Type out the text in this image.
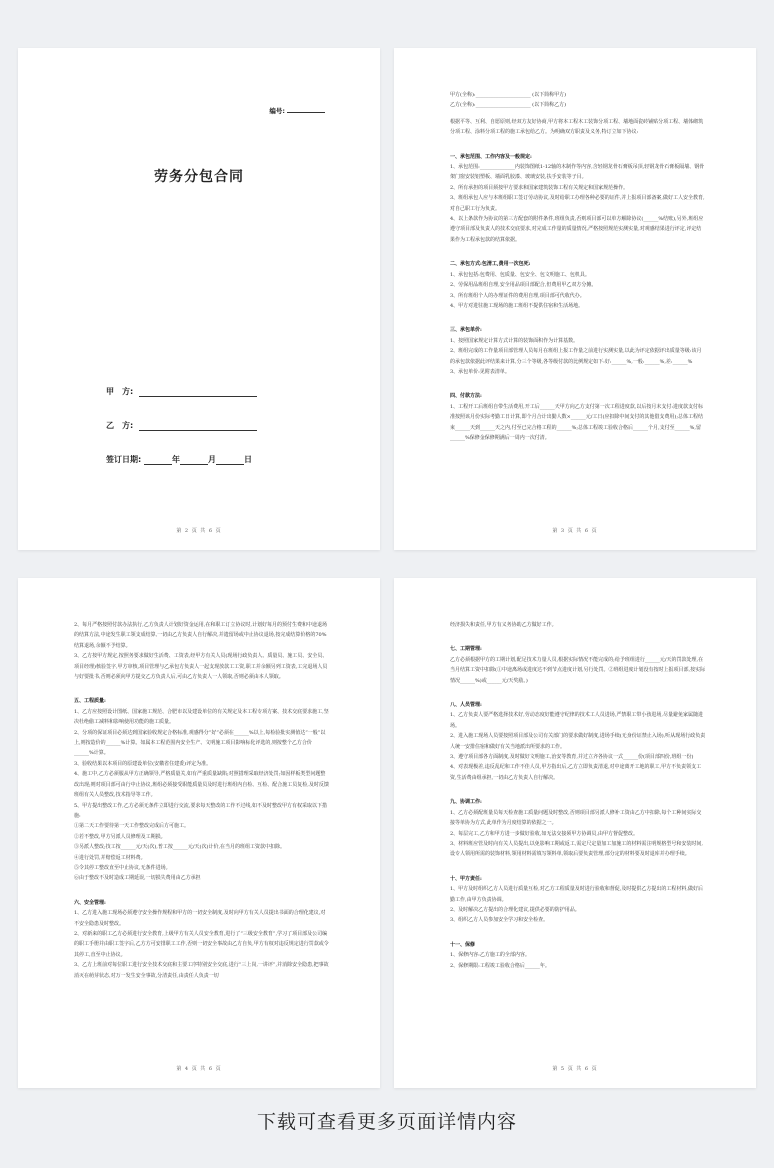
编号:
劳务分包合同
甲　方:
乙　方:
签订日期:	年	月	日
第 2 页 共 6 页

甲方(全称):______________________ (以下简称甲方)

乙方(全称):______________________ (以下简称乙方)

根据平等、互利、自愿原则,经双方友好协商,甲方将本工程木工装饰分项工程、墙地面瓷砖铺贴分项工程、墙体砌筑分项工程、涂料分项工程的施工承包给乙方。为明确双方职责及义务,特订立如下协议:

一、承包范围、工作内容及一般规定:

1、承包范围:______________内装饰图纸1-12轴的木制作等内容,含轻钢龙骨石膏板吊顶,轻钢龙骨石膏板隔墙、钢骨架门窗安装铝塑板、墙面乳胶漆、玻璃安装,扶手安装等子目。

2、所有承担的项目须按甲方要求和国家建筑装饰工程有关规定和国家规范操作。

3、班组承包人应与本班组职工签订劳动协议,及时给职工办理各种必要的证件,并上报项目部备案,做好工人安全教育,对自己职工行为负责。

4、以上条款作为协议的第三方配套的附件条件,班组负责,否则项目部可以单方解除协议(______%结账),另外,班组应遵守项目部及负责人的技术交底要求,对完成工作量的质量情况,严格按照规范实测实量,对观感结果进行评定,评定结果作为工程承包款的结算依据。

二、承包方式:包清工,费用一次包死:

1、承包包括:包费用、包质量、包安全、包文明施工、包机具。

2、劳保用品班组自理,安全用品项目部配合,但费用甲乙双方分摊。

3、所有班组个人的办理证件的费用自理,项目部可代收代办。

4、甲方对进驻施工现场的施工班组不提供住宿和生活场地。

三、承包单价:

1、按照国家规定计算方式计算的装饰面积作为计算基数。

2、班组完成的工作量项目部管理人员每月在班组上报工作量之前进行实测实量,以此为评定依据评出质量等级:该月的承包款依据此评结果来计算,分三个等级,各等级付款的比例规定如下:好:______%,一般:______%,差:______%

3、承包单价:见附表清单。

四、付款方法:

1、工程开工后班组自带生活费用,开工后______天甲方向乙方支付第一次工程进度款,以后按月末支付:进度款支付标准按照该月份实际考勤工日计算,即个月合计出勤人数×______元/工日(应扣除中间支付的其他借支费用);总体工程结束______天到______天之内,付至已完合格工程的______%;总体工程竣工验收合格后______个月,支付至______%,留______%保修金保修期满后一周内一次付清。

第 3 页 共 6 页

2、每月严格按照付款办法执行,乙方负责人计划好资金运用,在和职工订立协议时,计划好每月的预付生费和中途退场的结算方法,中途发生职工领支成结算,一切由乙方负责人自行解决,并遗留场或中止协议退场,按完成结算价格的70%结算退场,余额不予结算。

3、乙方按甲方规定,按照务要求做好生活费、工资表,经甲方有关人员(现场行政负责人、质量员、施工员、安全员、项目经理)核验签字,甲方审核,项目管理与乙承包方负责人一起支现放款工工资,职工并余额另列工资表,工完退场人员与好要批书,否则必须向甲方提交乙方负责人后,可由乙方负责人一人领取,否则必须由本人领取。

五、工程质量:

1、乙方应按照设计图纸、国家施工规范、合肥市以及建设单位的有关规定及本工程专项方案、技术交底要求施工,坚决杜绝偷工减料和影响使用功能的施工质量。

2、分项的保证项目必须达到国家验收规定合格标准,观感得分“好”必须在______%以上,每检验批实测值达“一般”以上,则按造价的______%计算。如属本工程范围内安全生产、文明施工项目影响标化评选的,则按整个乙方合价______%计算。

3、验收结果以本项目的原建设单位(安徽省住建委)评定为准。

4、施工中,乙方必须服从甲方正确领导,严格质量关,如有严重质量缺陷;对照措理采取经济处罚;如因样板类型问题整改出现;则对项目部可由行中止协议,班组必须接受职能质量员及时进行班组内自检、互检、配合施工员复检,及时反馈班组有关人员整改,技术指导等工作。

5、甲方提出整改工作,乙方必须无条件立即进行交流,要求每天整改的工作不过线,如不及时整改甲方有权采取以下措施:

①第二天工作要待第一天工作整改完成后方可施工。

②若不整改,甲方另派人员修理及工期损。

③另派人整改;技工按______元/天(次),普工按______元/天(次)计价,在当月的班组工资款中扣除。

④进行处罚,并赔偿返工材料费。

⑤令其停工整改直至中止协议,无条件进场。

⑥由于整改不及时造成工期延误,一切损失费用由乙方承担

六、安全管理:

1、乙方进入施工现场必须遵守安全操作规程和甲方的一切安全制度,及时向甲方有关人员提出书面的合理化建议,对不安全隐患及时整改。

2、对新来的职工乙方必须进行安全教育,上级甲方有关人员安全教育,进行了“三级安全教育”,学习了项目部及公司编的职工手册并由职工签字后,乙方方可安排职工工作,否则一切安全事故由乙方自负,甲方有权对违反规定进行罚款或令其停工,直至中止协议。

3、乙方上班前对每位职工进行安全技术交底和主要工序特别安全交底,进行“三上岗,一讲评”,并消除安全隐患,把事故消灭在萌芽状态,对万一发生安全事故,分清责任,由责任人负责一切

第 4 页 共 6 页

经济损失和责任,甲方有义务协助乙方做好工作。

七、工期管理:

乙方必须根据甲方的工期计划,配足技术力量人员,根据实际情况不能完成的;给予班组进行______元/天的罚款处理,在当月结算工资中扣除(①中途离场或进度达不到节点进度计划,另行处罚。②班组进度计划没有按时上报项目部,按实际情况______%)或______元/天奖励。)

八、人员管理:

1、乙方负责人要严格选择技术好,劳动态度好能遵守纪律的技术工人员进场,严禁职工带小孩进场,尽量避免家属随进场。

2、进入施工现场人员要按照项目部及公司有关部门的要求做好制度,进场手续(无身份证禁止入场),听从现场行政负责人统一安排住宿和做好有关当地派出所要求的工作。

3、遵守项目部各方面制度,及时做好文明施工,治安等教育,并过立齐各协议一式______份(项目部四份,班组一份)

4、对表现极差,违反乱纪和工作不佳人员,甲方指出后,乙方立即负责清退,对中途离开工地的职工,甲方不负责领支工资,生活费由组承担,一切由乙方负责人自行解决。

九、协调工作:

1、乙方必须配班量员每天检查施工质量问题及时整改,否则项目部另派人修补工资由乙方中扣除,每个工种间实际交接等单协为方式,此单作为月度结算的依据之一。

2、每层完工,乙方和甲方进一步做好验收,如无法交接须甲方协调员,由甲方督促整改。

3、材料班应管及时向有关人员提出,以免影响工期或返工,需定尺定量加工加施工的材料需注明规格型号和安装时间,设专人领用所需的装饰材料,领用材料需填写领料单,领取后要负责管理,部分定的材料要及时退库并办理手续。

十、甲方责任:

1、甲方及时组织乙方人员进行质量互检,对乙方工程质量及时进行验收和督促,及时提供乙方提出的工程材料,做好后勤工作,由甲方负责协调。

2、及时解决乙方提出的合理化建议,提供必要的防护用品。

3、组织乙方人员参加安全学习和安全检查。

十一、保修

1、保修内容:乙方施工的全部内容。

2、保修期限:工程竣工验收合格后______年。

第 5 页 共 6 页
下载可查看更多页面详情内容
